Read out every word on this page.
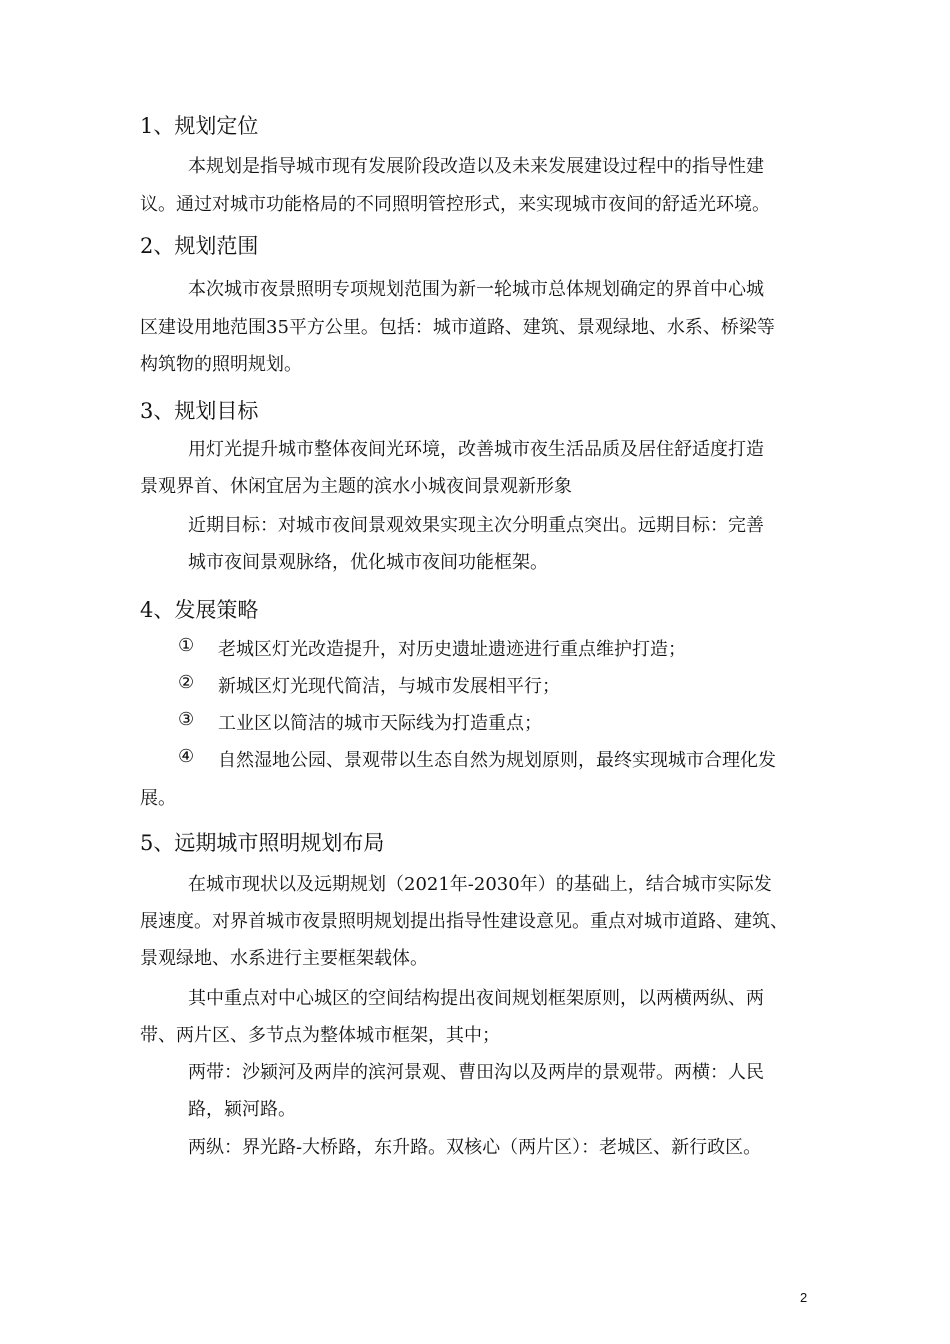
1、规划定位
本规划是指导城市现有发展阶段改造以及未来发展建设过程中的指导性建
议。通过对城市功能格局的不同照明管控形式，来实现城市夜间的舒适光环境。
2、规划范围
本次城市夜景照明专项规划范围为新一轮城市总体规划确定的界首中心城
区建设用地范围35平方公里。包括：城市道路、建筑、景观绿地、水系、桥梁等
构筑物的照明规划。
3、规划目标
用灯光提升城市整体夜间光环境，改善城市夜生活品质及居住舒适度打造
景观界首、休闲宜居为主题的滨水小城夜间景观新形象
近期目标：对城市夜间景观效果实现主次分明重点突出。远期目标：完善
城市夜间景观脉络，优化城市夜间功能框架。
4、发展策略
① 老城区灯光改造提升，对历史遗址遗迹进行重点维护打造；
② 新城区灯光现代简洁，与城市发展相平行；
③ 工业区以简洁的城市天际线为打造重点；
④ 自然湿地公园、景观带以生态自然为规划原则，最终实现城市合理化发
展。
5、远期城市照明规划布局
在城市现状以及远期规划（2021年-2030年）的基础上，结合城市实际发
展速度。对界首城市夜景照明规划提出指导性建设意见。重点对城市道路、建筑、
景观绿地、水系进行主要框架载体。
其中重点对中心城区的空间结构提出夜间规划框架原则，以两横两纵、两
带、两片区、多节点为整体城市框架，其中；
两带：沙颍河及两岸的滨河景观、曹田沟以及两岸的景观带。两横：人民
路，颍河路。
两纵：界光路-大桥路，东升路。双核心（两片区）：老城区、新行政区。
2
